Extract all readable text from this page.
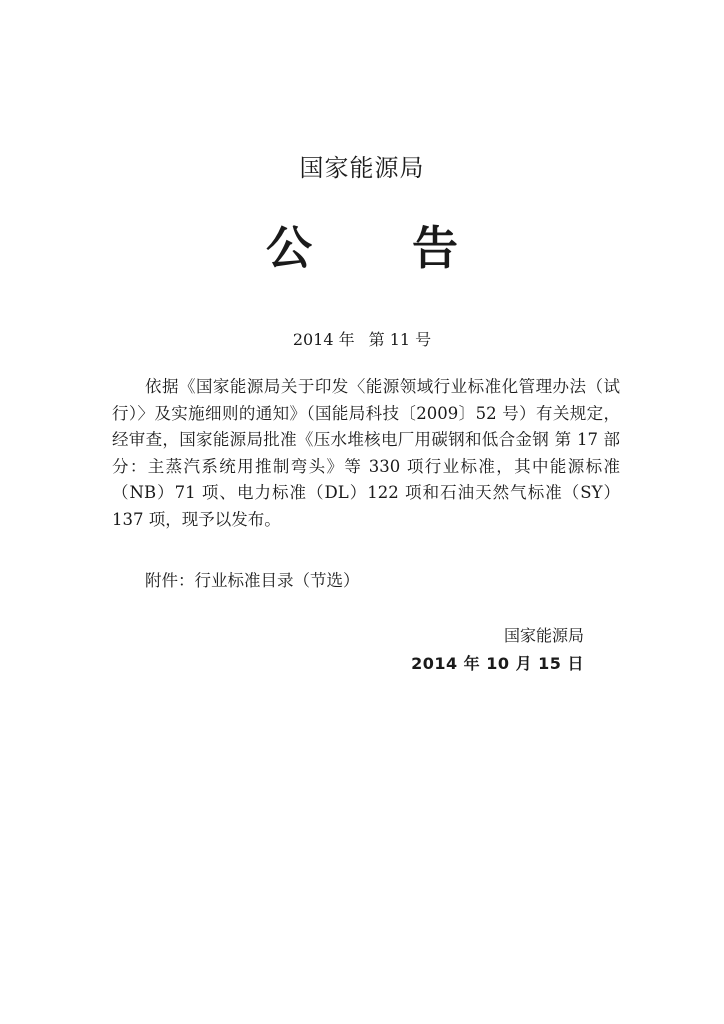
国家能源局
公 告
2014 年 第 11 号

依据《国家能源局关于印发〈能源领域行业标准化管理办法（试行）〉及实施细则的通知》（国能局科技〔2009〕52 号）有关规定，经审查，国家能源局批准《压水堆核电厂用碳钢和低合金钢 第 17 部分：主蒸汽系统用推制弯头》等 330 项行业标准，其中能源标准（NB）71 项、电力标准（DL）122 项和石油天然气标准（SY）137 项，现予以发布。

附件：行业标准目录（节选）
国家能源局
2014 年 10 月 15 日
